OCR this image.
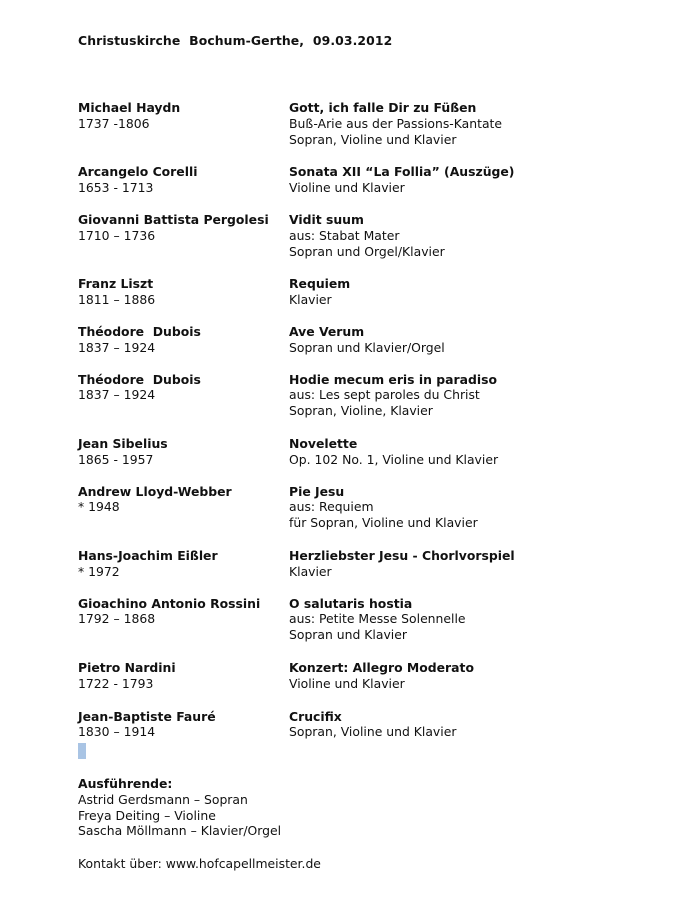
Christuskirche  Bochum-Gerthe,  09.03.2012
Michael Haydn
1737 -1806
Gott, ich falle Dir zu Füßen
Buß-Arie aus der Passions-Kantate
Sopran, Violine und Klavier
Arcangelo Corelli
1653 - 1713
Sonata XII “La Follia” (Auszüge)
Violine und Klavier
Giovanni Battista Pergolesi
1710 – 1736
Vidit suum
aus: Stabat Mater
Sopran und Orgel/Klavier
Franz Liszt
1811 – 1886
Requiem
Klavier
Théodore  Dubois
1837 – 1924
Ave Verum
Sopran und Klavier/Orgel
Théodore  Dubois
1837 – 1924
Hodie mecum eris in paradiso
aus: Les sept paroles du Christ
Sopran, Violine, Klavier
Jean Sibelius
1865 - 1957
Novelette
Op. 102 No. 1, Violine und Klavier
Andrew Lloyd-Webber
* 1948
Pie Jesu
aus: Requiem
für Sopran, Violine und Klavier
Hans-Joachim Eißler
* 1972
Herzliebster Jesu - Chorlvorspiel
Klavier
Gioachino Antonio Rossini
1792 – 1868
O salutaris hostia
aus: Petite Messe Solennelle
Sopran und Klavier
Pietro Nardini
1722 - 1793
Konzert: Allegro Moderato
Violine und Klavier
Jean-Baptiste Fauré
1830 – 1914
Crucifix
Sopran, Violine und Klavier
Ausführende:
Astrid Gerdsmann – Sopran
Freya Deiting – Violine
Sascha Möllmann – Klavier/Orgel
Kontakt über: www.hofcapellmeister.de
